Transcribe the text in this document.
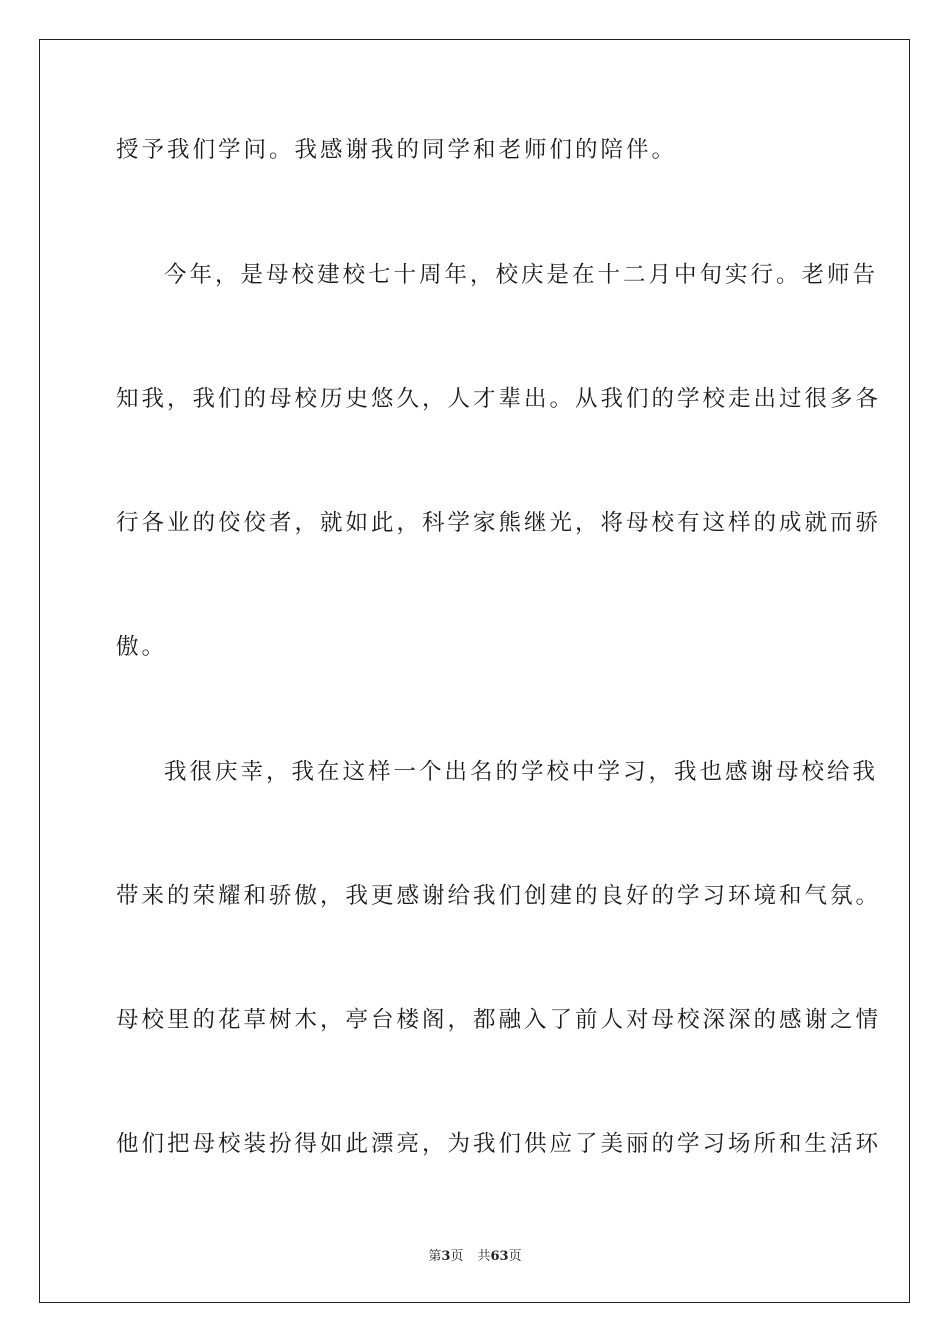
授予我们学问。我感谢我的同学和老师们的陪伴。
今年，是母校建校七十周年，校庆是在十二月中旬实行。老师告
知我，我们的母校历史悠久，人才辈出。从我们的学校走出过很多各
行各业的佼佼者，就如此，科学家熊继光，将母校有这样的成就而骄
傲。
我很庆幸，我在这样一个出名的学校中学习，我也感谢母校给我
带来的荣耀和骄傲，我更感谢给我们创建的良好的学习环境和气氛。
母校里的花草树木，亭台楼阁，都融入了前人对母校深深的感谢之情
他们把母校装扮得如此漂亮，为我们供应了美丽的学习场所和生活环
第3页 共63页
